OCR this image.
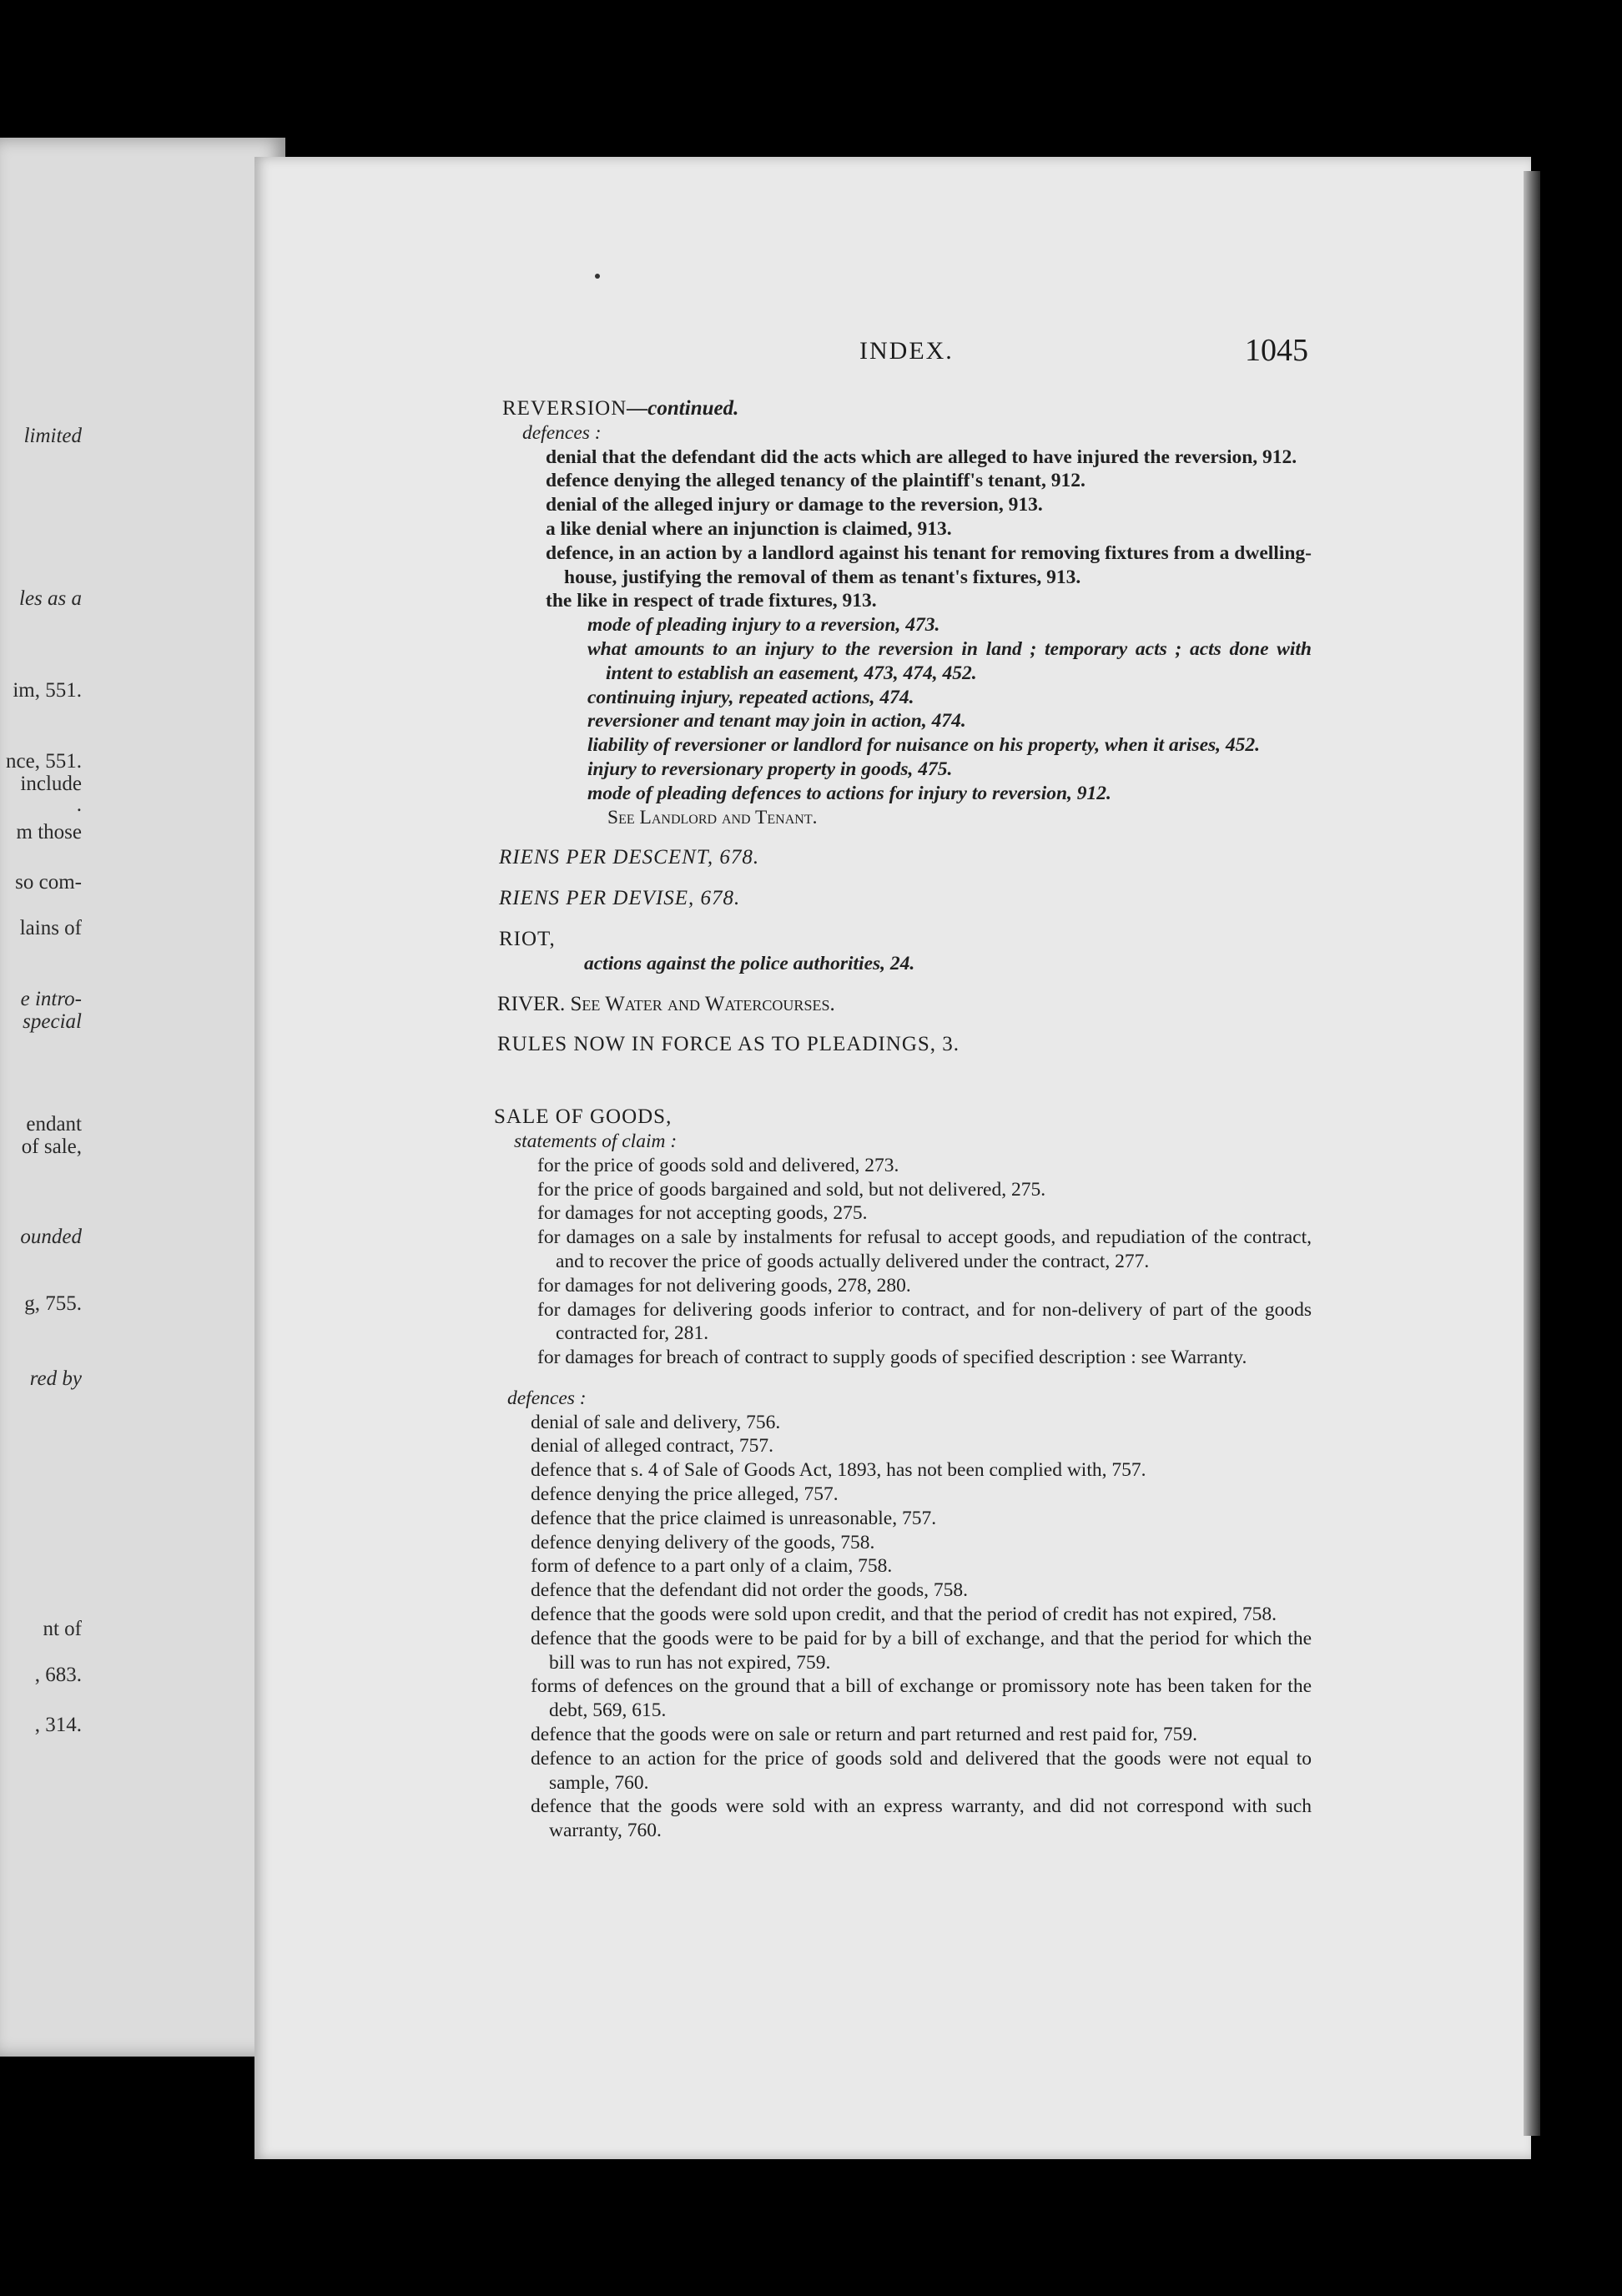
limited
les as a
im, 551.
nce, 551.
include
.
m those
so com-
lains of
e intro-
special
endant
of sale,
ounded
g, 755.
red by
nt of
, 683.
, 314.
INDEX.	1045
REVERSION—continued.
defences :
denial that the defendant did the acts which are alleged to have injured the reversion, 912.
defence denying the alleged tenancy of the plaintiff's tenant, 912.
denial of the alleged injury or damage to the reversion, 913.
a like denial where an injunction is claimed, 913.
defence, in an action by a landlord against his tenant for removing fixtures from a dwelling-house, justifying the removal of them as tenant's fixtures, 913.
the like in respect of trade fixtures, 913.
mode of pleading injury to a reversion, 473.
what amounts to an injury to the reversion in land ; temporary acts ; acts done with intent to establish an easement, 473, 474, 452.
continuing injury, repeated actions, 474.
reversioner and tenant may join in action, 474.
liability of reversioner or landlord for nuisance on his property, when it arises, 452.
injury to reversionary property in goods, 475.
mode of pleading defences to actions for injury to reversion, 912.
See Landlord and Tenant.
RIENS PER DESCENT, 678.
RIENS PER DEVISE, 678.
RIOT,
actions against the police authorities, 24.
RIVER. See Water and Watercourses.
RULES NOW IN FORCE AS TO PLEADINGS, 3.
SALE OF GOODS,
statements of claim :
for the price of goods sold and delivered, 273.
for the price of goods bargained and sold, but not delivered, 275.
for damages for not accepting goods, 275.
for damages on a sale by instalments for refusal to accept goods, and repudiation of the contract, and to recover the price of goods actually delivered under the contract, 277.
for damages for not delivering goods, 278, 280.
for damages for delivering goods inferior to contract, and for non-delivery of part of the goods contracted for, 281.
for damages for breach of contract to supply goods of specified description : see Warranty.
defences :
denial of sale and delivery, 756.
denial of alleged contract, 757.
defence that s. 4 of Sale of Goods Act, 1893, has not been complied with, 757.
defence denying the price alleged, 757.
defence that the price claimed is unreasonable, 757.
defence denying delivery of the goods, 758.
form of defence to a part only of a claim, 758.
defence that the defendant did not order the goods, 758.
defence that the goods were sold upon credit, and that the period of credit has not expired, 758.
defence that the goods were to be paid for by a bill of exchange, and that the period for which the bill was to run has not expired, 759.
forms of defences on the ground that a bill of exchange or promissory note has been taken for the debt, 569, 615.
defence that the goods were on sale or return and part returned and rest paid for, 759.
defence to an action for the price of goods sold and delivered that the goods were not equal to sample, 760.
defence that the goods were sold with an express warranty, and did not correspond with such warranty, 760.
